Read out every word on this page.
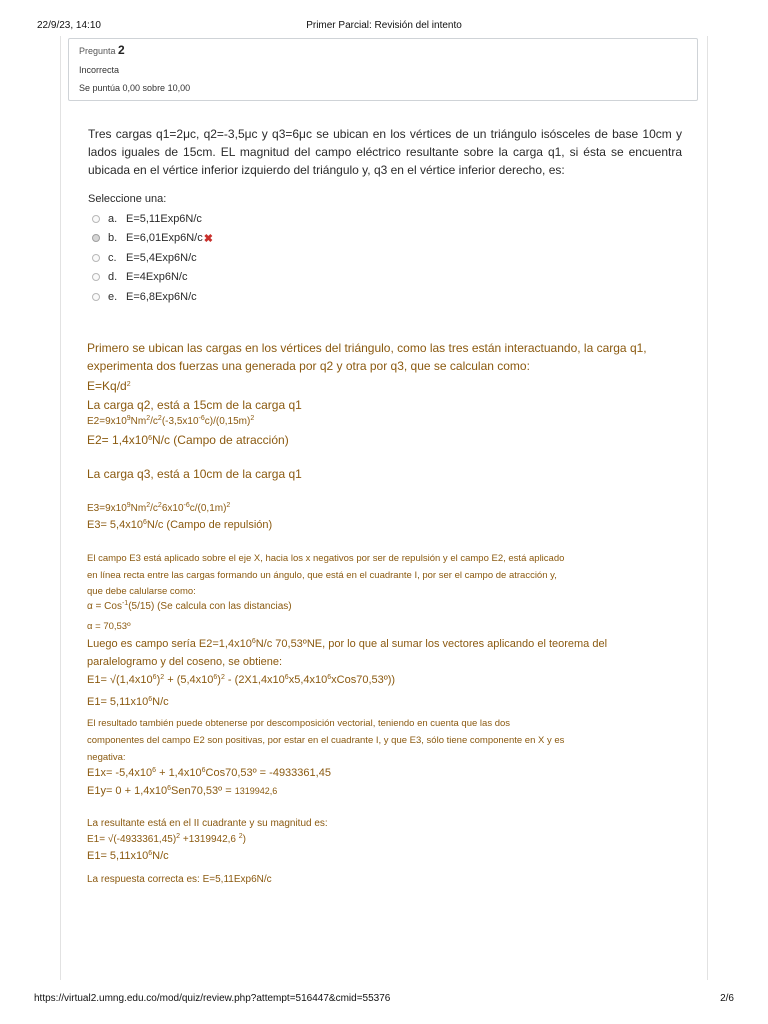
22/9/23, 14:10	Primer Parcial: Revisión del intento
Pregunta 2
Incorrecta
Se puntúa 0,00 sobre 10,00
Tres cargas q1=2μc, q2=-3,5μc y q3=6μc se ubican en los vértices de un triángulo isósceles de base 10cm y lados iguales de 15cm. EL magnitud del campo eléctrico resultante sobre la carga q1, si ésta se encuentra ubicada en el vértice inferior izquierdo del triángulo y, q3 en el vértice inferior derecho, es:
Seleccione una:
a. E=5,11Exp6N/c
b. E=6,01Exp6N/c ✖
c. E=5,4Exp6N/c
d. E=4Exp6N/c
e. E=6,8Exp6N/c
Primero se ubican las cargas en los vértices del triángulo, como las tres están interactuando, la carga q1,
experimenta dos fuerzas una generada por q2 y otra por q3, que se calculan como:
$E=Kq/d^2$
La carga q2, está a 15cm de la carga q1
$E2=9x10^9Nm^2/c^2(-3,5x10^{-6}c)/(0,15m)^2$
$E2= 1,4x10^6N/c$ (Campo de atracción)
La carga q3, está a 10cm de la carga q1
$E3=9x10^9Nm^2/c^26x10^{-6}c/(0,1m)^2$
$E3= 5,4x10^6N/c$ (Campo de repulsión)
El campo E3 está aplicado sobre el eje X, hacia los x negativos por ser de repulsión y el campo E2, está aplicado
en línea recta entre las cargas formando un ángulo, que está en el cuadrante I, por ser el campo de atracción y,
que debe calularse como:
α = Cos$^{-1}$(5/15) (Se calcula con las distancias)
α = 70,53º
Luego es campo sería $E2=1,4x10^6N/c$ 70,53ºNE, por lo que al sumar los vectores aplicando el teorema del
paralelogramo y del coseno, se obtiene:
$E1= √(1,4x10^6)^2 + (5,4x10^6)^2$ - $(2X1,4x10^6x5,4x10^6xCos70,53º)$)
$E1= 5,11x10^6N/c$
El resultado también puede obtenerse por descomposición vectorial, teniendo en cuenta que las dos
componentes del campo E2 son positivas, por estar en el cuadrante I, y que E3, sólo tiene componente en X y es
negativa:
$E1x= -5,4x10^6$ + $1,4x10^6Cos70,53º = -4933361,45$
$E1y= 0 + 1,4x10^6Sen70,53º = 1319942,6$
La resultante está en el II cuadrante y su magnitud es:
$E1= √(-4933361,45)^2 +1319942,6$ $^2$)
$E1= 5,11x10^6N/c$
La respuesta correcta es: E=5,11Exp6N/c
https://virtual2.umng.edu.co/mod/quiz/review.php?attempt=516447&cmid=55376	2/6
